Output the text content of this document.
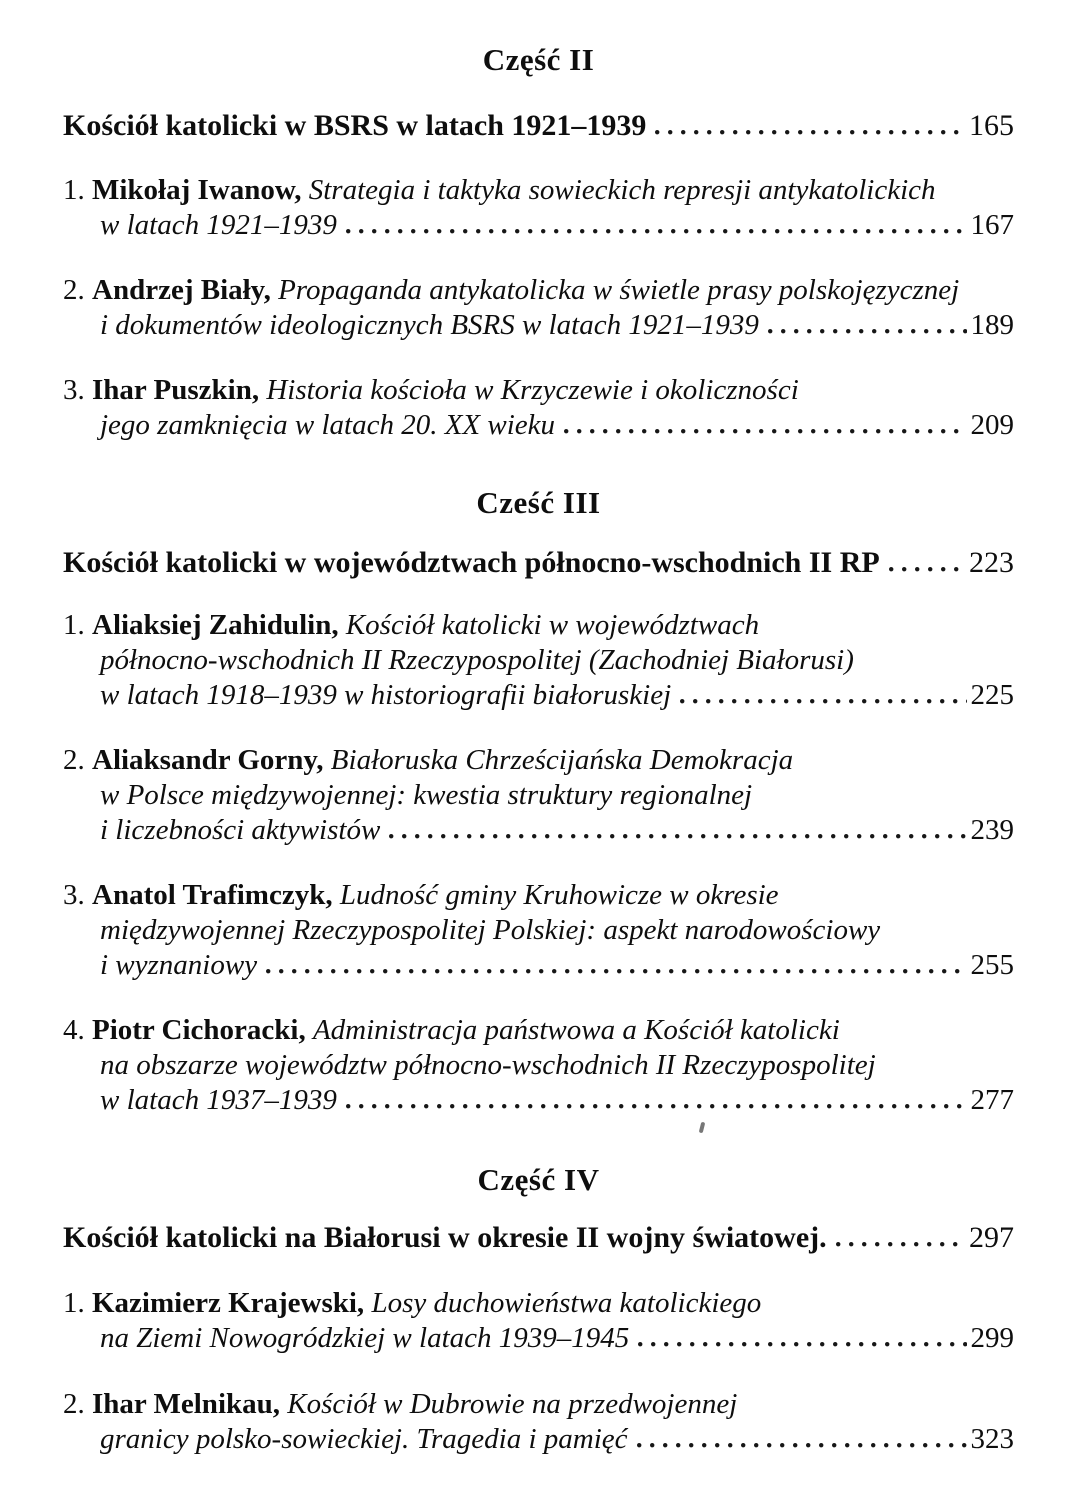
Część II
Kościół katolicki w BSRS w latach 1921–1939	165
1. Mikołaj Iwanow, Strategia i taktyka sowieckich represji antykatolickich
w latach 1921–1939	167
2. Andrzej Biały, Propaganda antykatolicka w świetle prasy polskojęzycznej
i dokumentów ideologicznych BSRS w latach 1921–1939	189
3. Ihar Puszkin, Historia kościoła w Krzyczewie i okoliczności
jego zamknięcia w latach 20. XX wieku	209
Cześć III
Kościół katolicki w województwach północno-wschodnich II RP	223
1. Aliaksiej Zahidulin, Kościół katolicki w województwach
północno-wschodnich II Rzeczypospolitej (Zachodniej Białorusi)
w latach 1918–1939 w historiografii białoruskiej	225
2. Aliaksandr Gorny, Białoruska Chrześcijańska Demokracja
w Polsce międzywojennej: kwestia struktury regionalnej
i liczebności aktywistów	239
3. Anatol Trafimczyk, Ludność gminy Kruhowicze w okresie
międzywojennej Rzeczypospolitej Polskiej: aspekt narodowościowy
i wyznaniowy	255
4. Piotr Cichoracki, Administracja państwowa a Kościół katolicki
na obszarze województw północno-wschodnich II Rzeczypospolitej
w latach 1937–1939	277
Część IV
Kościół katolicki na Białorusi w okresie II wojny światowej.	297
1. Kazimierz Krajewski, Losy duchowieństwa katolickiego
na Ziemi Nowogródzkiej w latach 1939–1945	299
2. Ihar Melnikau, Kościół w Dubrowie na przedwojennej
granicy polsko-sowieckiej. Tragedia i pamięć	323
